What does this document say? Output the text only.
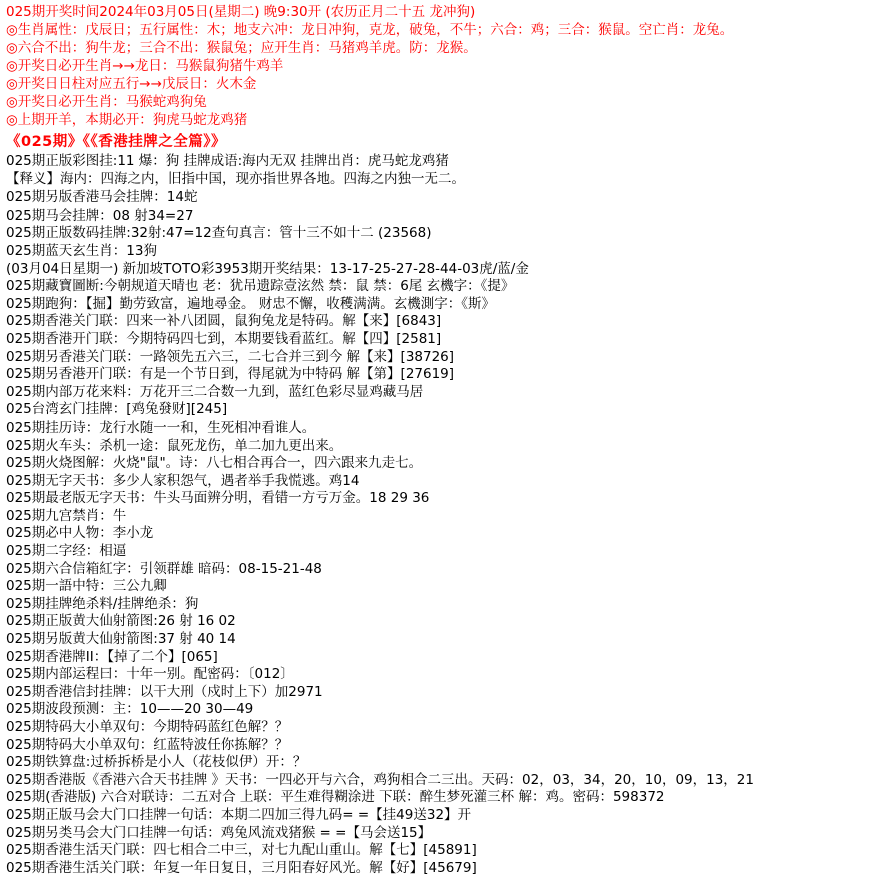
025期开奖时间2024年03月05日(星期二) 晚9:30开 (农历正月二十五 龙冲狗)
◎生肖属性：戊辰日；五行属性：木；地支六冲：龙日冲狗，克龙，破兔，不牛；六合：鸡；三合：猴鼠。空亡肖：龙兔。
◎六合不出：狗牛龙；三合不出：猴鼠兔；应开生肖：马猪鸡羊虎。防：龙猴。
◎开奖日必开生肖→→龙日：马猴鼠狗猪牛鸡羊
◎开奖日日柱对应五行→→戊辰日：火木金
◎开奖日必开生肖：马猴蛇鸡狗兔
◎上期开羊，本期必开：狗虎马蛇龙鸡猪
《025期》《《香港挂牌之全篇》》
025期正版彩图挂:11 爆：狗 挂牌成语:海内无双 挂牌出肖：虎马蛇龙鸡猪
【释义】海内：四海之内，旧指中国，现亦指世界各地。四海之内独一无二。
025期另版香港马会挂牌：14蛇
025期马会挂牌：08 射34=27
025期正版数码挂牌:32射:47=12查句真言：管十三不如十二 (23568)
025期蓝天玄生肖：13狗
(03月04日星期一) 新加坡TOTO彩3953期开奖结果：13-17-25-27-28-44-03虎/蓝/金
025期藏寶圖断:今朝规道天晴也 老：犹吊遗踪壹泫然 禁：鼠 禁：6尾 玄機字：《提》
025期跑狗：【掘】勤劳致富，遍地尋金。 财忠不懈，收穫满满。玄機測字：《斯》
025期香港关门联：四来一补八团圆，鼠狗兔龙是特码。解【来】[6843]
025期香港开门联：今期特码四七到，本期要钱看蓝红。解【四】[2581]
025期另香港关门联：一路领先五六三，二七合并三到今 解【来】[38726]
025期另香港开门联：有是一个节日到，得尾就为中特码 解【第】[27619]
025期内部万花来料：万花开三二合数一九到，蓝红色彩尽显鸡藏马居
025台湾玄门挂牌：[鸡兔發财][245]
025期挂历诗：龙行水随一一和，生死相冲看谁人。
025期火车头：杀机一途：鼠死龙伤，单二加九更出来。
025期火烧图解：火烧"鼠"。诗：八七相合再合一，四六跟来九走七。
025期无字天书：多少人家积怨气，遇者举手我慌逃。鸡14
025期最老版无字天书：牛头马面辨分明，看错一方亏万金。18 29 36
025期九宫禁肖：牛
025期必中人物：李小龙
025期二字经：相逼
025期六合信箱紅字：引领群雄 暗码：08-15-21-48
025期一語中特：三公九卿
025期挂牌绝杀料/挂牌绝杀：狗
025期正版黄大仙射箭图:26 射 16 02
025期另版黄大仙射箭图:37 射 40 14
025期香港牌II：【掉了二个】[065]
025期内部运程曰：十年一别。配密码：〔012〕
025期香港信封挂牌：以干大刑（戍时上下）加2971
025期波段预测：主：10——20 30—49
025期特码大小单双句：今期特码蓝红色解？？
025期特码大小单双句：红蓝特波任你拣解？？
025期铁算盘:过桥拆桥是小人（花枝似伊）开：？
025期香港版《香港六合天书挂牌 》天书：一四必开与六合，鸡狗相合二三出。天码：02，03，34，20，10，09，13，21
025期(香港版) 六合对联诗：二五对合 上联：平生难得糊涂进 下联：醉生梦死灌三杯 解：鸡。密码：598372
025期正版马会大门口挂牌一句话：本期二四加三得九码= =【挂49送32】开
025期另类马会大门口挂牌一句话：鸡兔风流戏猪猴 = =【马会送15】
025期香港生活天门联：四七相合二中三，对七九配山重山。解【七】[45891]
025期香港生活关门联：年复一年日复日，三月阳春好风光。解【好】[45679]
